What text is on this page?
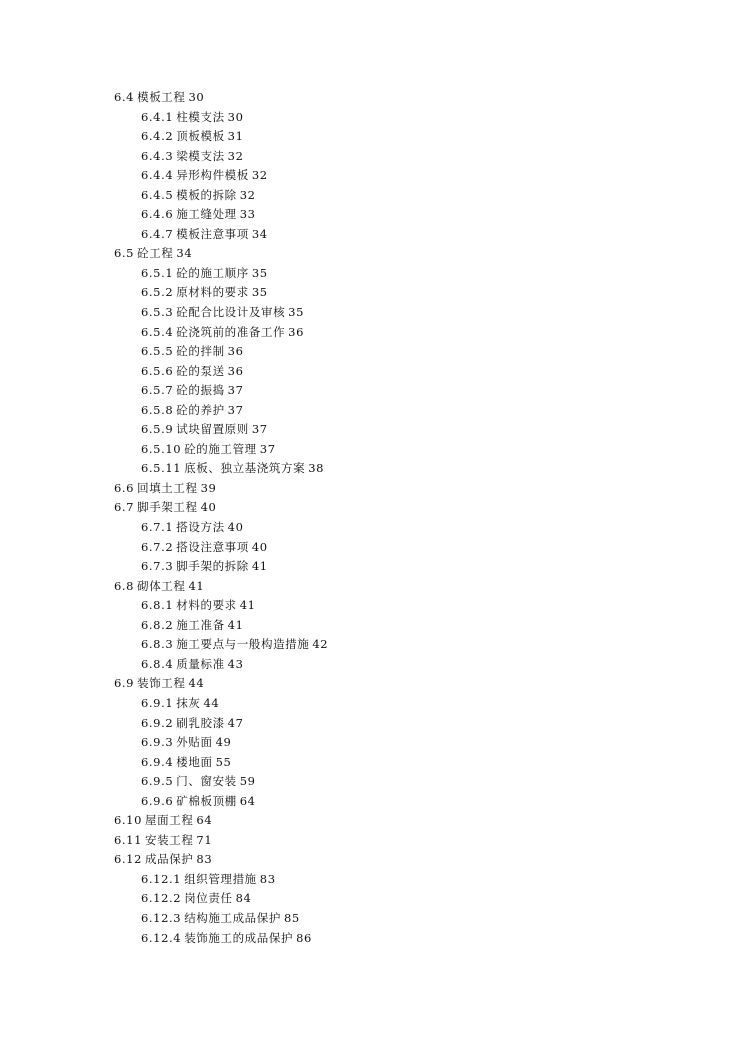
6.4 模板工程 30
6.4.1 柱模支法 30
6.4.2 顶板模板 31
6.4.3 梁模支法 32
6.4.4 异形构件模板 32
6.4.5 模板的拆除 32
6.4.6 施工缝处理 33
6.4.7 模板注意事项 34
6.5 砼工程 34
6.5.1 砼的施工顺序 35
6.5.2 原材料的要求 35
6.5.3 砼配合比设计及审核 35
6.5.4 砼浇筑前的准备工作 36
6.5.5 砼的拌制 36
6.5.6 砼的泵送 36
6.5.7 砼的振捣 37
6.5.8 砼的养护 37
6.5.9 试块留置原则 37
6.5.10 砼的施工管理 37
6.5.11 底板、独立基浇筑方案 38
6.6 回填土工程 39
6.7 脚手架工程 40
6.7.1 搭设方法 40
6.7.2 搭设注意事项 40
6.7.3 脚手架的拆除 41
6.8 砌体工程 41
6.8.1 材料的要求 41
6.8.2 施工准备 41
6.8.3 施工要点与一般构造措施 42
6.8.4 质量标准 43
6.9 装饰工程 44
6.9.1 抹灰 44
6.9.2 刷乳胶漆 47
6.9.3 外贴面 49
6.9.4 楼地面 55
6.9.5 门、窗安装 59
6.9.6 矿棉板顶棚 64
6.10 屋面工程 64
6.11 安装工程 71
6.12 成品保护 83
6.12.1 组织管理措施 83
6.12.2 岗位责任 84
6.12.3 结构施工成品保护 85
6.12.4 装饰施工的成品保护 86
